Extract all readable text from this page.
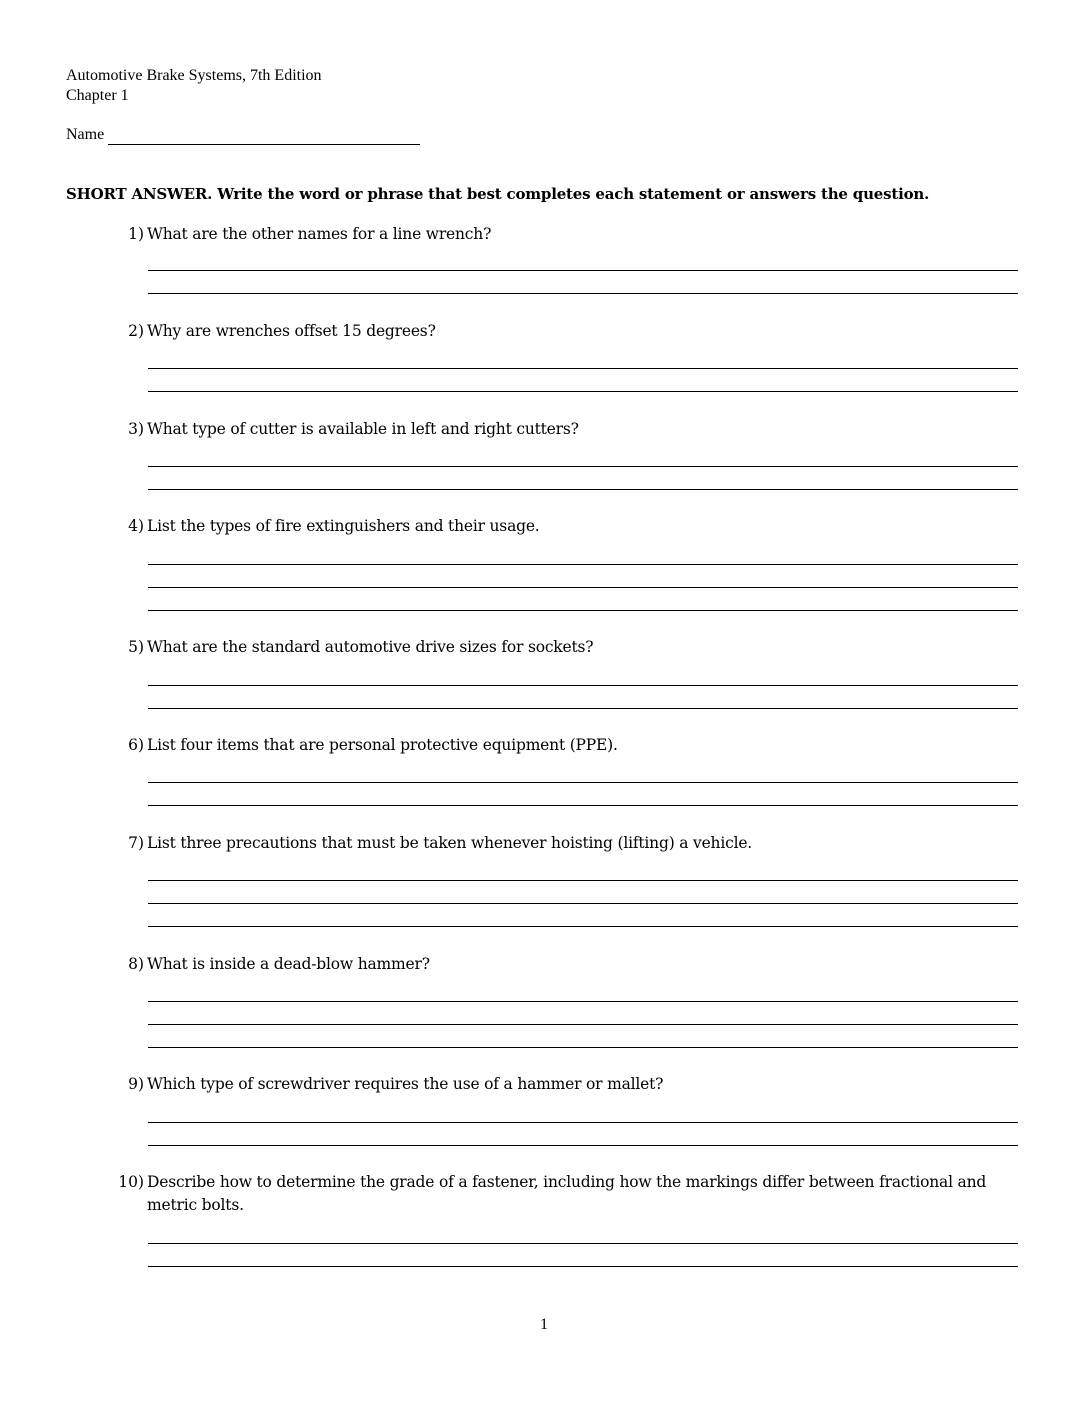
Automotive Brake Systems, 7th Edition
Chapter 1
Name
SHORT ANSWER. Write the word or phrase that best completes each statement or answers the question.
1) What are the other names for a line wrench?
2) Why are wrenches offset 15 degrees?
3) What type of cutter is available in left and right cutters?
4) List the types of fire extinguishers and their usage.
5) What are the standard automotive drive sizes for sockets?
6) List four items that are personal protective equipment (PPE).
7) List three precautions that must be taken whenever hoisting (lifting) a vehicle.
8) What is inside a dead-blow hammer?
9) Which type of screwdriver requires the use of a hammer or mallet?
10) Describe how to determine the grade of a fastener, including how the markings differ between fractional and metric bolts.
1
